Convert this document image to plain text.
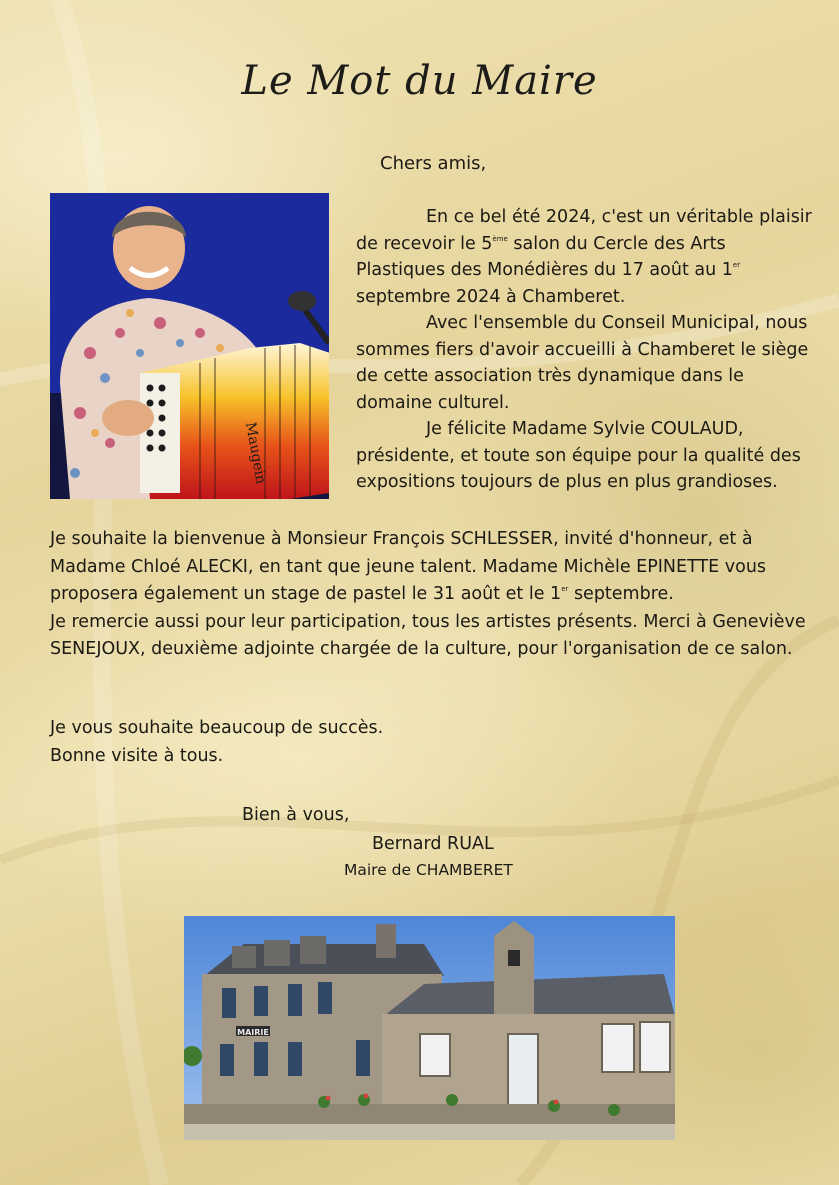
Le Mot du Maire
Chers amis,
Maugein

En ce bel été 2024, c'est un véritable plaisir de recevoir le 5ème salon du Cercle des Arts Plastiques des Monédières du 17 août au 1er septembre 2024 à Chamberet.

Avec l'ensemble du Conseil Municipal, nous sommes fiers d'avoir accueilli à Chamberet le siège de cette association très dynamique dans le domaine culturel.

Je félicite Madame Sylvie COULAUD, présidente, et toute son équipe pour la qualité des expositions toujours de plus en plus grandioses.

Je souhaite la bienvenue à Monsieur François SCHLESSER, invité d'honneur, et à Madame Chloé ALECKI, en tant que jeune talent. Madame Michèle EPINETTE vous proposera également un stage de pastel le 31 août et le 1er septembre.

Je remercie aussi pour leur participation, tous les artistes présents. Merci à Geneviève SENEJOUX, deuxième adjointe chargée de la culture, pour l'organisation de ce salon.

Je vous souhaite beaucoup de succès.

Bonne visite à tous.

Bien à vous,
Bernard RUAL
Maire de CHAMBERET
MAIRIE
